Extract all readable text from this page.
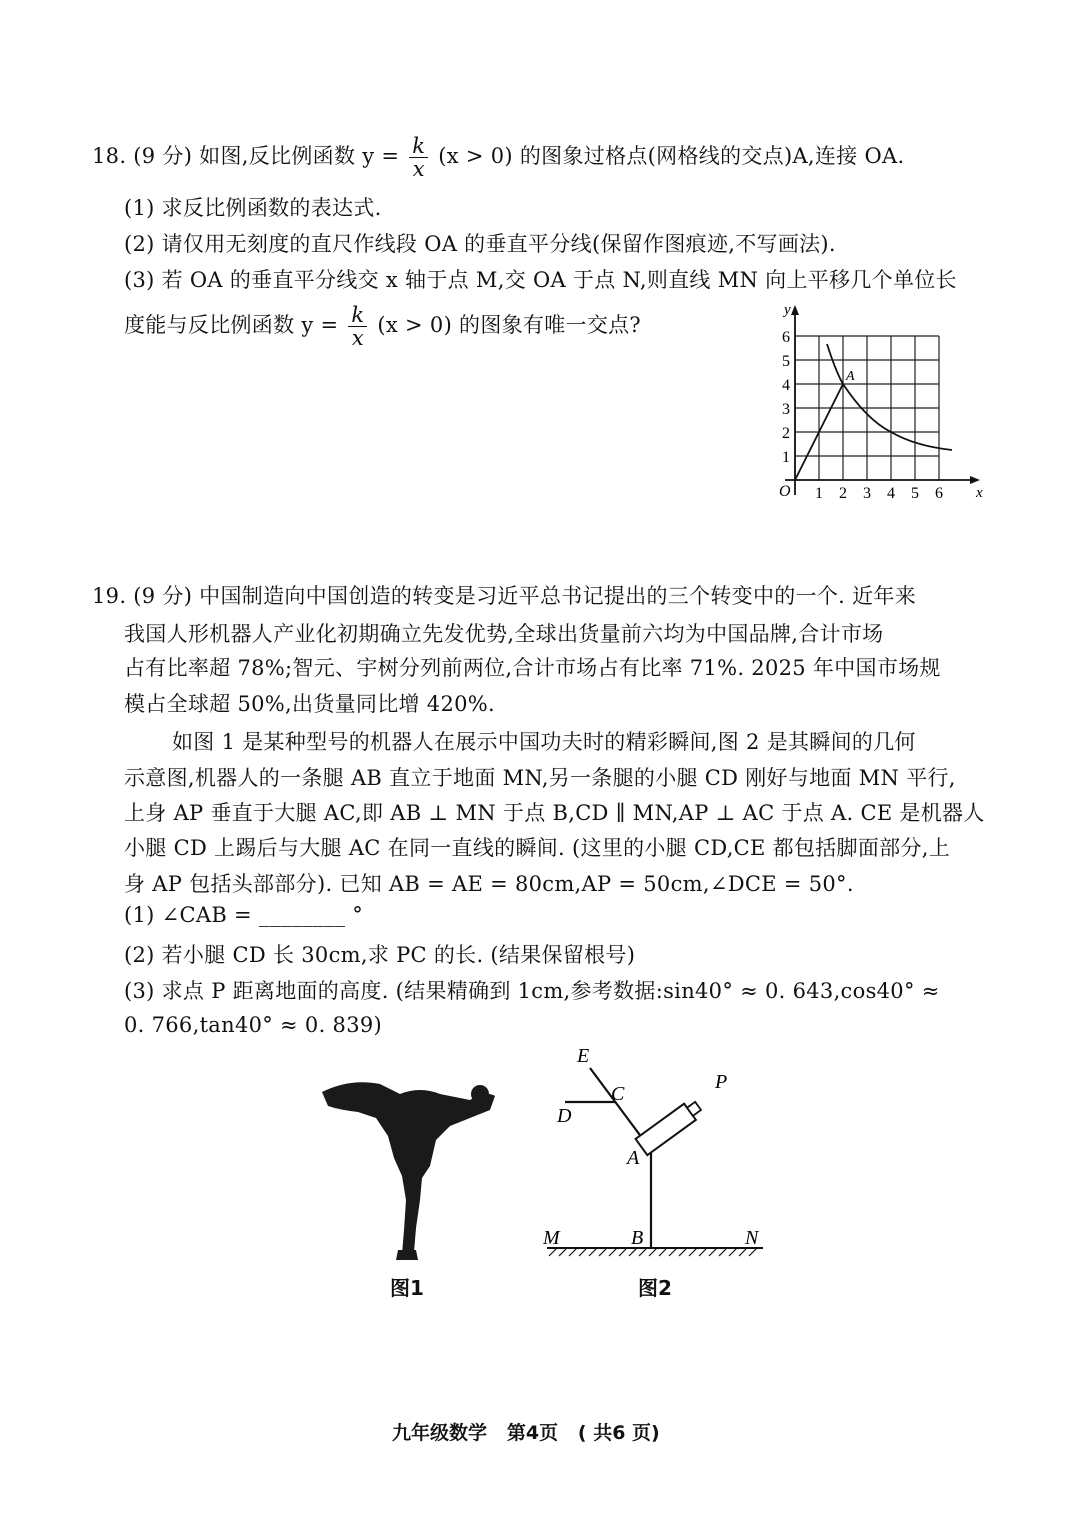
18. (9 分) 如图,反比例函数 $y = \frac{k}{x} (x > 0)$ 的图象过格点(网格线的交点)A,连接 OA.
(1) 求反比例函数的表达式.
(2) 请仅用无刻度的直尺作线段 OA 的垂直平分线(保留作图痕迹,不写画法).
(3) 若 OA 的垂直平分线交 x 轴于点 M,交 OA 于点 N,则直线 MN 向上平移几个单位长
度能与反比例函数 $y = \frac{k}{x} (x > 0)$ 的图象有唯一交点?
y
x
O
A
1 2 3 4 5 6
1
2
3
4
5
6
19. (9 分) 中国制造向中国创造的转变是习近平总书记提出的三个转变中的一个. 近年来
我国人形机器人产业化初期确立先发优势,全球出货量前六均为中国品牌,合计市场
占有比率超 78%;智元、宇树分列前两位,合计市场占有比率 71%. 2025 年中国市场规
模占全球超 50%,出货量同比增 420%.
如图 1 是某种型号的机器人在展示中国功夫时的精彩瞬间,图 2 是其瞬间的几何
示意图,机器人的一条腿 AB 直立于地面 MN,另一条腿的小腿 CD 刚好与地面 MN 平行,
上身 AP 垂直于大腿 AC,即 AB ⊥ MN 于点 B,CD ∥ MN,AP ⊥ AC 于点 A. CE 是机器人
小腿 CD 上踢后与大腿 AC 在同一直线的瞬间. (这里的小腿 CD,CE 都包括脚面部分,上
身 AP 包括头部部分). 已知 AB = AE = 80cm,AP = 50cm,∠DCE = 50°.
(1) ∠CAB = ________ °
(2) 若小腿 CD 长 30cm,求 PC 的长. (结果保留根号)
(3) 求点 P 距离地面的高度. (结果精确到 1cm,参考数据:sin40° ≈ 0. 643,cos40° ≈
0. 766,tan40° ≈ 0. 839)
图1
E
C
D
A
P
M	B	N
图2
九年级数学   第4页   ( 共6 页)
